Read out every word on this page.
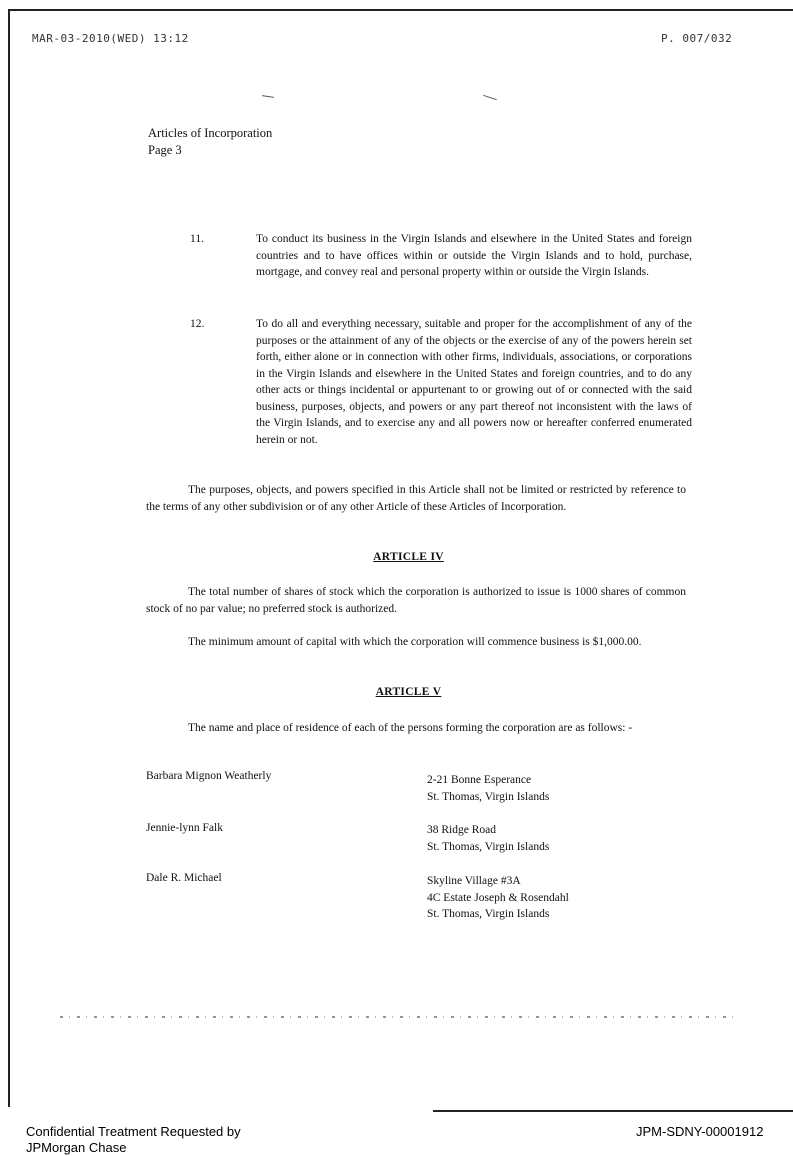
MAR-03-2010(WED) 13:12	P. 007/032
Articles of Incorporation
Page 3
11.	To conduct its business in the Virgin Islands and elsewhere in the United States and foreign countries and to have offices within or outside the Virgin Islands and to hold, purchase, mortgage, and convey real and personal property within or outside the Virgin Islands.
12.	To do all and everything necessary, suitable and proper for the accomplishment of any of the purposes or the attainment of any of the objects or the exercise of any of the powers herein set forth, either alone or in connection with other firms, individuals, associations, or corporations in the Virgin Islands and elsewhere in the United States and foreign countries, and to do any other acts or things incidental or appurtenant to or growing out of or connected with the said business, purposes, objects, and powers or any part thereof not inconsistent with the laws of the Virgin Islands, and to exercise any and all powers now or hereafter conferred enumerated herein or not.
The purposes, objects, and powers specified in this Article shall not be limited or restricted by reference to the terms of any other subdivision or of any other Article of these Articles of Incorporation.
ARTICLE IV
The total number of shares of stock which the corporation is authorized to issue is 1000 shares of common stock of no par value; no preferred stock is authorized.
The minimum amount of capital with which the corporation will commence business is $1,000.00.
ARTICLE V
The name and place of residence of each of the persons forming the corporation are as follows: -
Barbara Mignon Weatherly	2-21 Bonne Esperance
St. Thomas, Virgin Islands
Jennie-lynn Falk	38 Ridge Road
St. Thomas, Virgin Islands
Dale R. Michael	Skyline Village #3A
4C Estate Joseph & Rosendahl
St. Thomas, Virgin Islands
Confidential Treatment Requested by
JPMorgan Chase
JPM-SDNY-00001912
